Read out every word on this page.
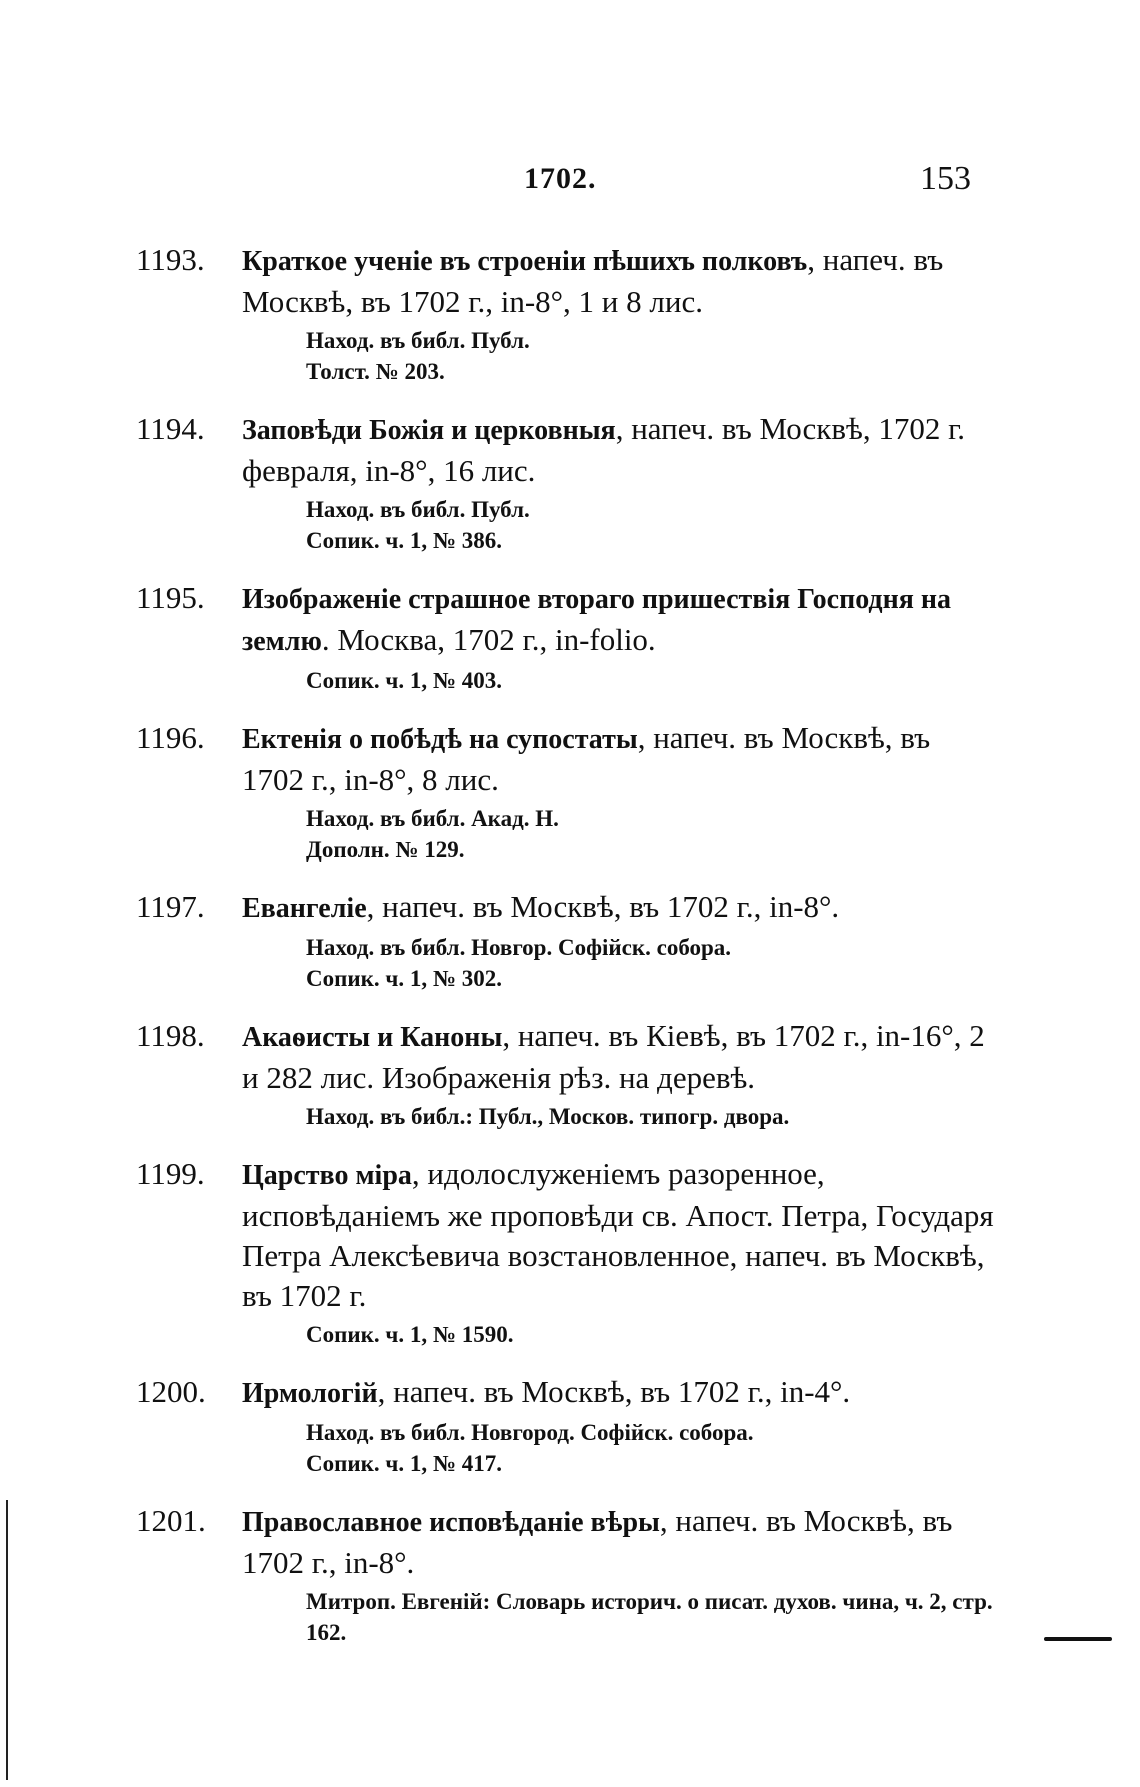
1702.	153
1193.	Краткое ученіе въ строеніи пѣшихъ полковъ, напеч. въ Москвѣ, въ 1702 г., in-8°, 1 и 8 лис.
Наход. въ библ. Публ.
Толст. № 203.
1194.	Заповѣди Божія и церковныя, напеч. въ Москвѣ, 1702 г. февраля, in-8°, 16 лис.
Наход. въ библ. Публ.
Сопик. ч. 1, № 386.
1195.	Изображеніе страшное втораго пришествія Господня на землю. Москва, 1702 г., in-folio.
Сопик. ч. 1, № 403.
1196.	Ектенія о побѣдѣ на супостаты, напеч. въ Москвѣ, въ 1702 г., in-8°, 8 лис.
Наход. въ библ. Акад. Н.
Дополн. № 129.
1197.	Евангеліе, напеч. въ Москвѣ, въ 1702 г., in-8°.
Наход. въ библ. Новгор. Софійск. собора.
Сопик. ч. 1, № 302.
1198.	Акаѳисты и Каноны, напеч. въ Кіевѣ, въ 1702 г., in-16°, 2 и 282 лис. Изображенія рѣз. на деревѣ.
Наход. въ библ.: Публ., Москов. типогр. двора.
1199.	Царство міра, идолослуженіемъ разоренное, исповѣданіемъ же проповѣди св. Апост. Петра, Государя Петра Алексѣевича возстановленное, напеч. въ Москвѣ, въ 1702 г.
Сопик. ч. 1, № 1590.
1200.	Ирмологій, напеч. въ Москвѣ, въ 1702 г., in-4°.
Наход. въ библ. Новгород. Софійск. собора.
Сопик. ч. 1, № 417.
1201.	Православное исповѣданіе вѣры, напеч. въ Москвѣ, въ 1702 г., in-8°.
Митроп. Евгеній: Словарь историч. о писат. духов. чина, ч. 2, стр. 162.
